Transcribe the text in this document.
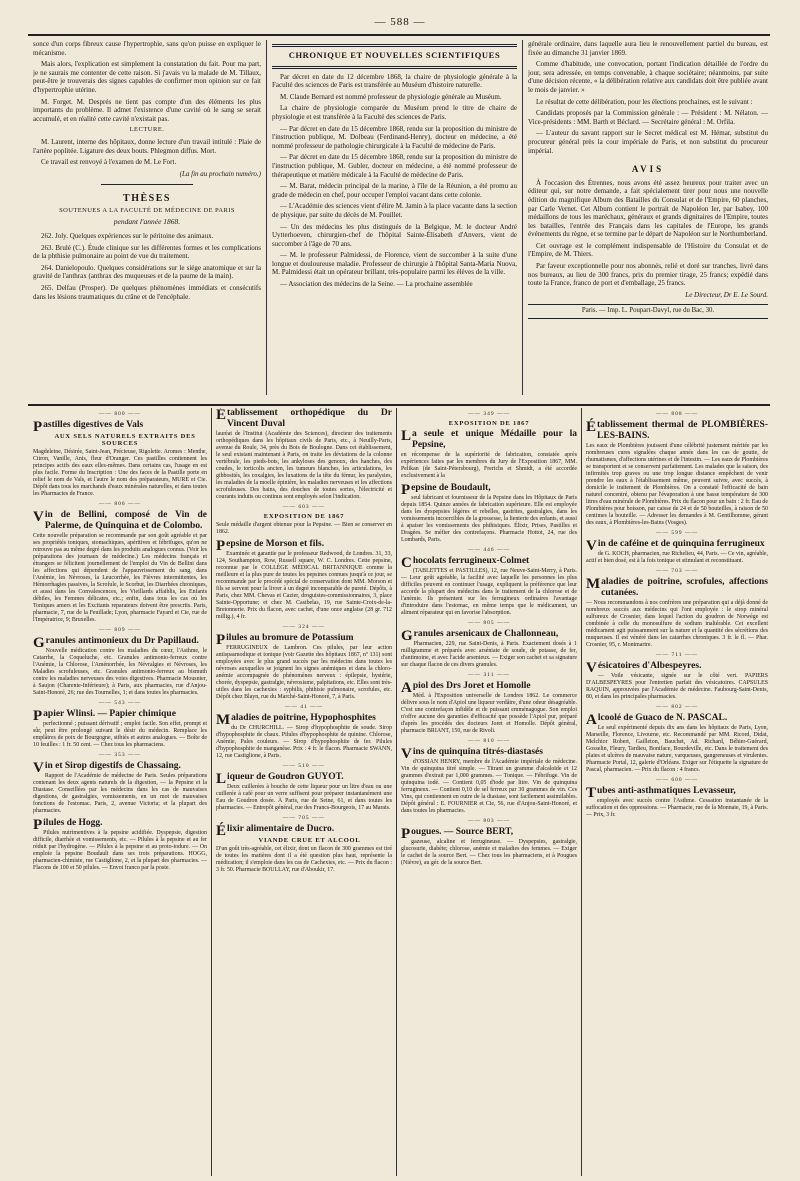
— 588 —

sonce d'un corps fibreux cause l'hypertrophie, sans qu'on puisse en expliquer le mécanisme.

Mais alors, l'explication est simplement la constatation du fait. Pour ma part, je ne saurais me contenter de cette raison. Si j'avais vu la malade de M. Tillaux, peut-être je trouverais des signes capables de confirmer mon opinion sur ce fait d'hypertrophie utérine.

M. Forget. M. Després ne tient pas compte d'un des éléments les plus importants du problème. Il admet l'existence d'une cavité où le sang se serait accumulé, et en réalité cette cavité n'existait pas.

LECTURE.

M. Laurent, interne des hôpitaux, donne lecture d'un travail intitulé : Plaie de l'artère poplitée. Ligature des deux bouts. Phlegmon diffus. Mort.

Ce travail est renvoyé à l'examen de M. Le Fort.

(La fin au prochain numéro.)
THÈSES
SOUTENUES A LA FACULTÉ DE MÉDECINE DE PARIS
pendant l'année 1868.

262. Joly. Quelques expériences sur le péritoine des animaux.

263. Brulé (C.). Étude clinique sur les différentes formes et les complications de la phthisie pulmonaire au point de vue du traitement.

264. Danielopoulo. Quelques considérations sur le siége anatomique et sur la gravité de l'anthrax (anthrax des muqueuses et de la paume de la main).

265. Delfau (Prosper). De quelques phénomènes immédiats et consécutifs dans les lésions traumatiques du crâne et de l'encéphale.

CHRONIQUE ET NOUVELLES SCIENTIFIQUES

Par décret en date du 12 décembre 1868, la chaire de physiologie générale à la Faculté des sciences de Paris est transférée au Muséum d'histoire naturelle.

M. Claude Bernard est nommé professeur de physiologie générale au Muséum.

La chaire de physiologie comparée du Muséum prend le titre de chaire de physiologie et est transférée à la Faculté des sciences de Paris.

— Par décret en date du 15 décembre 1868, rendu sur la proposition du ministre de l'instruction publique, M. Dolbeau (Ferdinand-Henry), docteur en médecine, a été nommé professeur de pathologie chirurgicale à la Faculté de médecine de Paris.

— Par décret en date du 15 décembre 1868, rendu sur la proposition du ministre de l'instruction publique, M. Gubler, docteur en médecine, a été nommé professeur de thérapeutique et matière médicale à la Faculté de médecine de Paris.

— M. Barat, médecin principal de la marine, à l'île de la Réunion, a été promu au grade de médecin en chef, pour occuper l'emploi vacant dans cette colonie.

— L'Académie des sciences vient d'élire M. Jamin à la place vacante dans la section de physique, par suite du décès de M. Pouillet.

— Un des médecins les plus distingués de la Belgique, M. le docteur André Uytterhoeven, chirurgien-chef de l'hôpital Sainte-Élisabeth d'Anvers, vient de succomber à l'âge de 70 ans.

— M. le professeur Palmidessi, de Florence, vient de succomber à la suite d'une longue et douloureuse maladie. Professeur de chirurgie à l'hôpital Santa-Maria Nuova, M. Palmidessi était un opérateur brillant, très-populaire parmi les élèves de la ville.

— Association des médecins de la Seine. — La prochaine assemblée

générale ordinaire, dans laquelle aura lieu le renouvellement partiel du bureau, est fixée au dimanche 31 janvier 1869.

Comme d'habitude, une convocation, portant l'indication détaillée de l'ordre du jour, sera adressée, en temps convenable, à chaque sociétaire; néanmoins, par suite d'une décision récente, « la délibération relative aux candidats doit être publiée avant le mois de janvier. »

Le résultat de cette délibération, pour les élections prochaines, est le suivant :

Candidats proposés par la Commission générale : — Président : M. Nélaton. — Vice-présidents : MM. Barth et Béclard. — Secrétaire général : M. Orfila.

— L'auteur du savant rapport sur le Secret médical est M. Hémar, substitut du procureur général près la cour impériale de Paris, et non substitut du procureur impérial.

AVIS

À l'occasion des Étrennes, nous avons été assez heureux pour traiter avec un éditeur qui, sur notre demande, a fait spécialement tirer pour nous une nouvelle édition du magnifique Album des Batailles du Consulat et de l'Empire, 60 planches, par Carle Vernet. Cet Album contient le portrait de Napoléon Ier, par Isabey, 100 médaillons de tous les maréchaux, généraux et grands dignitaires de l'Empire, toutes les batailles, l'entrée des Français dans les capitales de l'Europe, les grands événements du règne, et se termine par le départ de Napoléon sur le Northumberland.

Cet ouvrage est le complément indispensable de l'Histoire du Consulat et de l'Empire, de M. Thiers.

Par faveur exceptionnelle pour nos abonnés, relié et doré sur tranches, livré dans nos bureaux, au lieu de 300 francs, prix du premier tirage, 25 francs; expédié dans toute la France, franco de port et d'emballage, 25 francs.

Le Directeur, Dr E. Le Sourd.
Paris. — Imp. L. Poupart-Davyl, rue du Bac, 30.
—— 800 ——
Pastilles digestives de Vals
AUX SELS NATURELS EXTRAITS DES SOURCES
Magdeleine, Désirée, Saint-Jean, Précieuse, Rigolette. Aromes : Menthe, Citron, Vanille, Anis, fleur d'Oranger. Ces pastilles contiennent les principes actifs des eaux elles-mêmes. Dans certains cas, l'usage en est plus facile. Forme du Inscription : Une des faces de la Pastille porte en relief le nom de Vals, et l'autre le nom des préparateurs, MURE et Cie. Dépôt dans tous les marchands d'eaux minérales naturelles, et dans toutes les Pharmacies de France.
—— 806 ——
Vin de Bellini, composé de Vin de Palerme, de Quinquina et de Colombo.
Cette nouvelle préparation se recommande par son goût agréable et par ses propriétés toniques, stomachiques, apéritives et fébrifuges, qu'on ne retrouve pas au même degré dans les produits analogues connus. (Voir les préparations des journaux de médecine.) Les médecins français et étrangers se félicitent journellement de l'emploi du Vin de Bellini dans les affections qui dépendent de l'appauvrissement du sang, dans l'Anémie, les Névroses, la Leucorrhée, les Fièvres intermittentes, les Hémorrhagies passives, la Scrofule, le Scorbut, les Diarrhées chroniques, et aussi dans les Convalescences, les Vieillards affaiblis, les Enfants débiles, les Femmes délicates, etc.; enfin, dans tous les cas où les Toniques amers et les Excitants reparateurs doivent être prescrits. Paris, pharmacie, 7, rue de la Feuillade; Lyon, pharmacie Fayard et Cie, rue de l'Impératrice, 9; Bruxelles.
—— 809 ——
Granules antimonieux du Dr Papillaud.
Nouvelle médication contre les maladies du cœur, l'Asthme, le Catarrhe, la Coqueluche, etc. Granules antimonio-ferreux contre l'Anémie, la Chlorose, l'Aménorrhée, les Névralgies et Névroses, les Maladies scrofuleuses, etc. Granules antimonio-ferreux au bismuth contre les maladies nerveuses des voies digestives. Pharmacie Mousnier, à Saujon (Charente-Inférieure); à Paris, aux pharmacies, rue d'Anjou-Saint-Honoré, 26; rue des Tournelles, 1; et dans toutes les pharmacies.
—— 543 ——
Papier Wlinsi. — Papier chimique
perfectionné ; puissant dérivatif ; emploi facile. Son effet, prompt et sûr, peut être prolongé suivant le désir du médecin. Remplace les emplâtres de poix de Bourgogne, stibiés et autres analogues. — Boîte de 10 feuilles : 1 fr. 50 cent. — Chez tous les pharmaciens.
—— 353 ——
Vin et Sirop digestifs de Chassaing.
Rapport de l'Académie de médecine de Paris. Seules préparations contenant les deux agents naturels de la digestion, — la Pepsine et la Diastase. Conseillées par les médecins dans les cas de mauvaises digestions, de gastralgies, vomissements, en un mot de mauvaises fonctions de l'estomac. Paris, 2, avenue Victoria; et la plupart des pharmacies.
Pilules de Hogg.
Pilules nutrimentives à la pepsine acidifiée. Dyspepsie, digestion difficile, diarrhée et vomissements, etc. — Pilules à la pepsine et au fer réduit par l'hydrogène. — Pilules à la pepsine et au proto-iodure. — On emploie la pepsine Boudault dans ses trois préparations. HOGG, pharmacien-chimiste, rue Castiglione, 2, et la plupart des pharmacies. — Flacons de 100 et 50 pilules. — Envoi franco par la poste.
Établissement orthopédique du Dr Vincent Duval
lauréat de l'Institut (Académie des Sciences), directeur des traitements orthopédiques dans les hôpitaux civils de Paris, etc., à Neuilly-Paris, avenue du Roule, 34, près du Bois de Boulogne. Dans cet établissement, le seul existant maintenant à Paris, on traite les déviations de la colonne vertébrale, les pieds-bots, les ankyloses des genoux, des hanches, des coudes, le torticolis ancien, les tumeurs blanches, les articulations, les gibbosités, les coxalgies, les luxations de la tête du fémur, les paralysies, les maladies de la moelle épinière, les maladies nerveuses et les affections scrofuleuses. Des bains, des douches de toutes sortes, l'électricité et courants induits ou continus sont employés selon l'indication.
—— 603 ——
EXPOSITION DE 1867
Seule médaille d'argent obtenue pour la Pepsine. — Bien se conserver en 1862.
Pepsine de Morson et fils.
Examinée et garantie par le professeur Redwood, de Londres. 31, 33, 124, Southampton, Row, Russell square, W. C. Londres. Cette pepsine, reconnue par le COLLÈGE MÉDICAL BRITANNIQUE comme la meilleure et la plus pure de toutes les pepsines connues jusqu'à ce jour, se recommande par le procédé spécial de conservation dont MM. Morson et fils se servent pour la livrer à un degré incomparable de pureté. Dépôts, à Paris, chez MM. Chevas et Cazier, droguistes-commissionnaires, 3, place Sainte-Opportune; et chez M. Castbelas, 19, rue Sainte-Croix-de-la-Bretonnerie. Prix du flacon, avec cachet, d'une once anglaise (28 gr. 712 millig.), 4 fr.
—— 324 ——
Pilules au bromure de Potassium
FERRUGINEUX de Lambron. Ces pilules, par leur action antispasmodique et tonique (voir Gazette des hôpitaux 1867, nº 131) sont employées avec le plus grand succès par les médecins dans toutes les névroses auxquelles se joignent les signes anémiques et dans la chloro-anémie accompagnée de phénomènes nerveux : épilepsie, hystérie, chorée, dyspepsie, gastralgie, névrosisme, palpitations, etc. Elles sont très-utiles dans les cachexies : syphilis, phthisie pulmonaire, scrofules, etc. Dépôt chez Blayn, rue du Marché-Saint-Honoré, 7, à Paris.
—— 41 ——
Maladies de poitrine, Hypophosphites
du Dr CHURCHILL. — Sirop d'hypophosphite de soude. Sirop d'hypophosphite de chaux. Pilules d'hypophosphite de quinine. Chlorose, Anémie, Pales couleurs. — Sirop d'hypophosphite de fer. Pilules d'hypophosphite de manganèse. Prix : 4 fr. le flacon. Pharmacie SWANN, 12, rue Castiglione, à Paris.
—— 510 ——
Liqueur de Goudron GUYOT.
Deux cuillerées à bouche de cette liqueur pour un litre d'eau ou une cuillerée à café pour un verre suffisent pour préparer instantanément une Eau de Goudron dosée. À Paris, rue de Seine, 61, et dans toutes les pharmacies. — Entrepôt général, rue des Francs-Bourgeois, 17 au Marais.
—— 705 ——
Élixir alimentaire de Ducro.
VIANDE CRUE ET ALCOOL
D'un goût très-agréable, cet élixir, dont un flacon de 300 grammes est tiré de toutes les matières dont il a été question plus haut, représente la médication; il s'emploie dans les cas de Cachexies, etc. — Prix du flacon : 3 fr. 50. Pharmacie BOULLAY, rue d'Aboukir, 17.
—— 349 ——
EXPOSITION DE 1867
La seule et unique Médaille pour la Pepsine,
en récompense de la supériorité de fabrication, constatée après expériences faites par les membres du Jury de l'Exposition 1867, MM. Pelikan (de Saint-Pétersbourg), Frerichs et Shmidt, a été accordée exclusivement à la
Pepsine de Boudault,
seul fabricant et fournisseur de la Pepsine dans les Hôpitaux de Paris depuis 1854. Quinze années de fabrication supérieure. Elle est employée dans les dyspepsies légères et rebelles, gastrites, gastralgies, dans les vomissements incoercibles de la grossesse, la lienterie des enfants, et aussi à apaiser les vomissements des phthisiques. Élixir, Prises, Pastilles et Dragées. Se méfier des contrefaçons. Pharmacie Hottot, 24, rue des Lombards, Paris.
—— 446 ——
Chocolats ferrugineux-Colmet
(TABLETTES et PASTILLES), 12, rue Neuve-Saint-Merry, à Paris. — Leur goût agréable, la facilité avec laquelle les personnes les plus difficiles peuvent en continuer l'usage, expliquent la préférence que leur accorde la plupart des médecins dans le traitement de la chlorose et de l'anémie. Ils présentent sur les ferrugineux ordinaires l'avantage d'introduire dans l'estomac, en même temps que le médicament, un aliment réparateur qui en favorise l'absorption.
—— 805 ——
Granules arsenicaux de Challonneau,
Pharmacien, 229, rue Saint-Denis, à Paris. Exactement dosés à 1 milligramme et préparés avec arséniate de soude, de potasse, de fer, d'antimoine, et avec l'acide arsenieux. — Exiger son cachet et sa signature sur chaque flacon de ces divers granules.
—— 311 ——
Apiol des Drs Joret et Homolle
Méd. à l'Exposition universelle de Londres 1862. Le commerce délivre sous le nom d'Apiol une liqueur verdâtre, d'une odeur désagréable. C'est une contrefaçon infidèle et de puissant emménagogue. Son emploi n'offre aucune des garanties d'efficacité que possède l'Apiol pur, préparé d'après les procédés des docteurs Joret et Homolle. Dépôt général, pharmacie BRIANT, 150, rue de Rivoli.
—— 810 ——
Vins de quinquina titrés-diastasés
d'OSSIAN HENRY, membre de l'Académie impériale de médecine. Vin de quinquina titré simple. — Titrant un gramme d'alcaloïde et 12 grammes d'extrait par 1,000 grammes. — Tonique. — Fébrifuge. Vin de quinquina iodé. — Contient 0,05 d'iode par litre. Vin de quinquina ferrugineux. — Contient 0,10 de sel ferreux par 30 grammes de vin. Ces Vins, qui contiennent en outre de la diastase, sont facilement assimilables. Dépôt général : E. FOURNIER et Cie, 56, rue d'Anjou-Saint-Honoré, et dans toutes les pharmacies.
—— 803 ——
Pougues. — Source BERT,
gazeuse, alcaline et ferrugineuse. — Dyspepsies, gastralgie, glucosurie, diabète; chlorose, anémie et maladies des femmes. — Exiger le cachet de la source Bert. — Chez tous les pharmaciens, et à Pougues (Nièvre), au gér. de la source Bert.
—— 808 ——
Établissement thermal de PLOMBIÈRES-LES-BAINS.
Les eaux de Plombières jouissent d'une célébrité justement méritée par les nombreuses cures signalées chaque année dans les cas de goutte, de rhumatismes, d'affections utérines et de l'intestin. — Les eaux de Plombières se transportent et se conservent parfaitement. Les malades que la saison, des infirmités trop graves ou une trop longue distance empêchent de venir prendre les eaux à l'établissement même, peuvent suivre, avec succès, à domicile le traitement de Plombières. On a constaté l'efficacité de bain naturel concentré, obtenu par l'évaporation à une basse température de 300 litres d'eau minérale de Plombières. Prix du flacon pour un bain : 2 fr. Eau de Plombières pour boisson, par caisse de 24 et de 50 bouteilles, à raison de 50 centimes la bouteille. — Adresser les demandes à M. Gentilhomme, gérant des eaux, à Plombières-les-Bains (Vosges).
—— 599 ——
Vin de caféine et de quinquina ferrugineux
de G. KOCH, pharmacien, rue Richelieu, 44, Paris. — Ce vin, agréable, actif et bien dosé, est à la fois tonique et stimulant et reconstituant.
—— 703 ——
Maladies de poitrine, scrofules, affections cutanées.
— Nous recommandons à nos confrères une préparation qui a déjà donné de nombreux succès aux médecins qui l'ont employée : le sirop minéral sulfureux de Crosnier, dans lequel l'action du goudron de Norwège est combinée à celle du monosulfure de sodium inaltérable. Cet excellent médicament agit puissamment sur la nature et la quantité des sécrétions des muqueuses. Il est vénéré dans les catarrhes chroniques. 3 fr. le fl. — Phar. Crosnier, 95, r. Montmartre.
—— 711 ——
Vésicatoires d'Albespeyres.
— Voile vésicante, signée sur le côté vert. PAPIERS D'ALBESPEYRES pour l'entretien parfait des vésicatoires. CAPSULES RAQUIN, approuvées par l'Académie de médecine. Faubourg-Saint-Denis, 80, et dans les principales pharmacies.
—— 802 ——
Alcoolé de Guaco de N. PASCAL.
Le seul expérimenté depuis dix ans dans les hôpitaux de Paris, Lyon, Marseille, Florence, Livourne, etc. Recommandé par MM. Ricord, Didat, Melchior Robert, Gailleton, Bauchet, Ad. Richard, Béhier-Guérard, Gosselin, Fleury, Tardieu, Boniface, Bourdeville, etc. Dans le traitement des plaies et ulcères de mauvaise nature, varqueuses, gangreneuses et virulentes. Pharmacie Portal, 12, galerie d'Orléans. Exiger sur l'étiquette la signature de Pascal, pharmacien. — Prix du flacon : 4 francs.
—— 600 ——
Tubes anti-asthmatiques Levasseur,
employés avec succès contre l'Asthme. Cessation instantanée de la suffocation et des oppressions. — Pharmacie, rue de la Monnaie, 19, à Paris. — Prix, 3 fr.
